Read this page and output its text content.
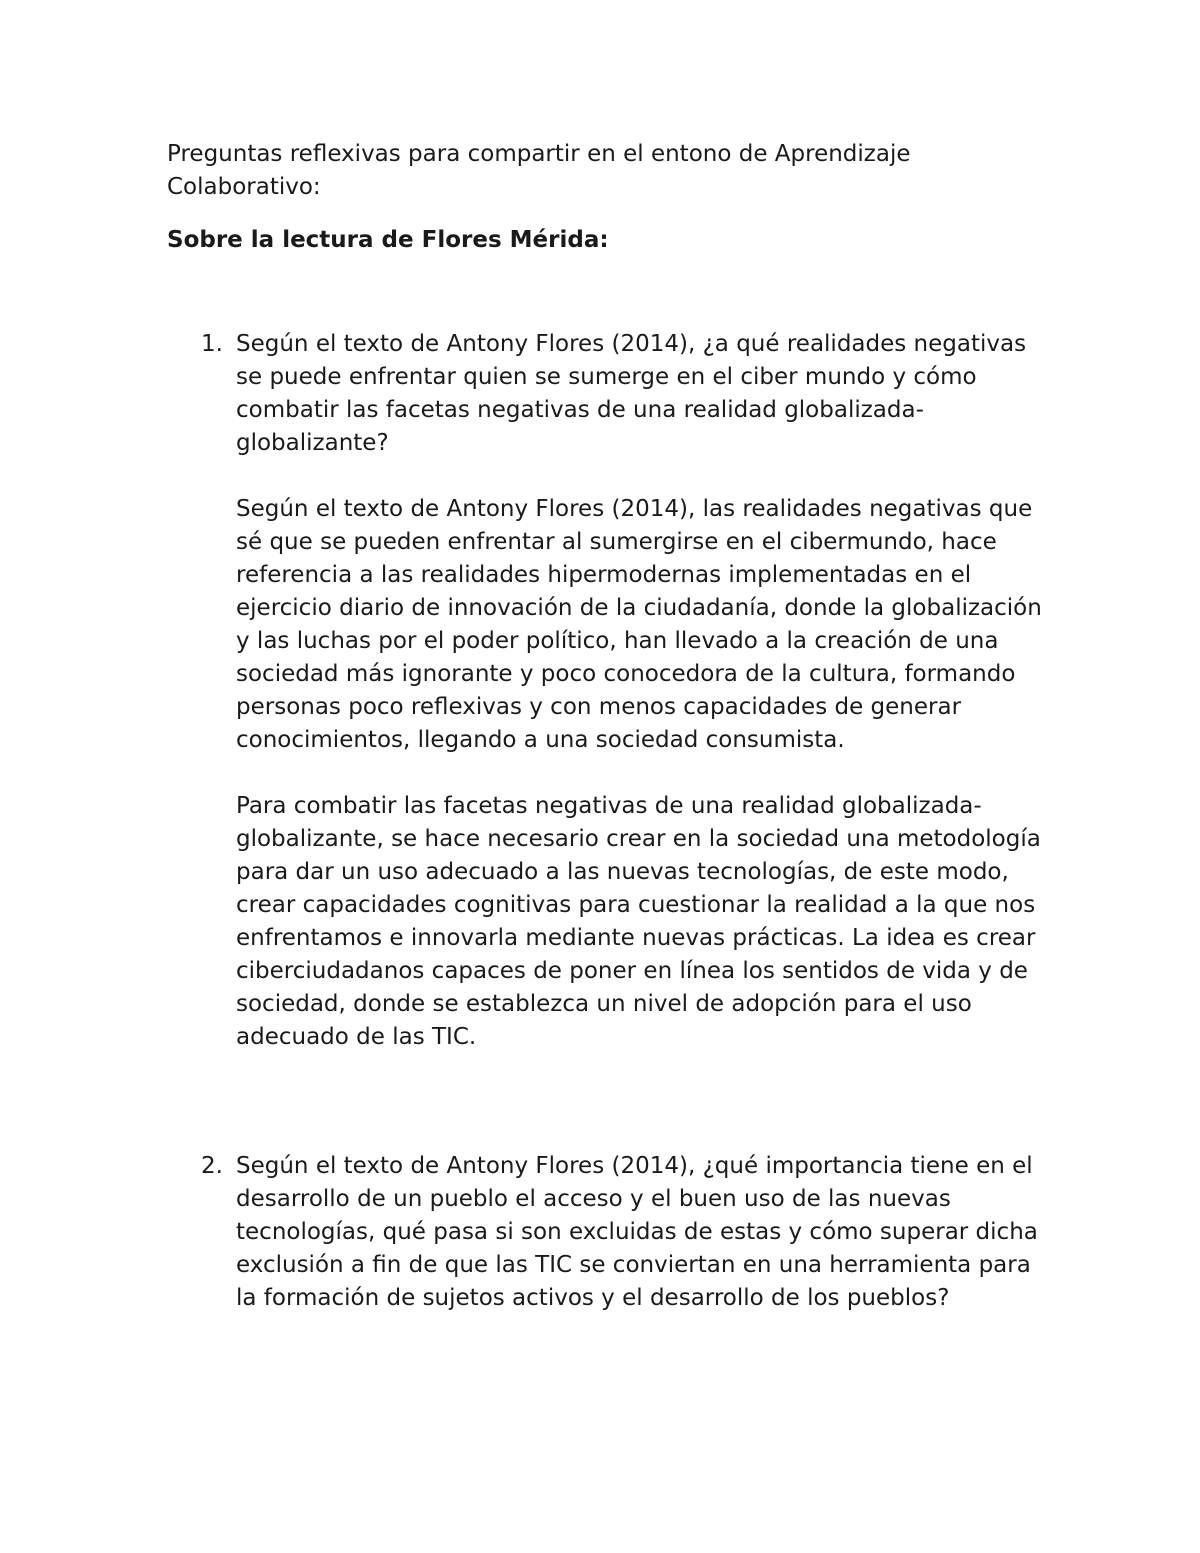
Preguntas reflexivas para compartir en el entono de Aprendizaje Colaborativo:

Sobre la lectura de Flores Mérida:

1. Según el texto de Antony Flores (2014), ¿a qué realidades negativas se puede enfrentar quien se sumerge en el ciber mundo y cómo combatir las facetas negativas de una realidad globalizada-globalizante?

Según el texto de Antony Flores (2014), las realidades negativas que sé que se pueden enfrentar al sumergirse en el cibermundo, hace referencia a las realidades hipermodernas implementadas en el ejercicio diario de innovación de la ciudadanía, donde la globalización y las luchas por el poder político, han llevado a la creación de una sociedad más ignorante y poco conocedora de la cultura, formando personas poco reflexivas y con menos capacidades de generar conocimientos, llegando a una sociedad consumista.

Para combatir las facetas negativas de una realidad globalizada-globalizante, se hace necesario crear en la sociedad una metodología para dar un uso adecuado a las nuevas tecnologías, de este modo, crear capacidades cognitivas para cuestionar la realidad a la que nos enfrentamos e innovarla mediante nuevas prácticas. La idea es crear ciberciudadanos capaces de poner en línea los sentidos de vida y de sociedad, donde se establezca un nivel de adopción para el uso adecuado de las TIC.

2. Según el texto de Antony Flores (2014), ¿qué importancia tiene en el desarrollo de un pueblo el acceso y el buen uso de las nuevas tecnologías, qué pasa si son excluidas de estas y cómo superar dicha exclusión a fin de que las TIC se conviertan en una herramienta para la formación de sujetos activos y el desarrollo de los pueblos?
